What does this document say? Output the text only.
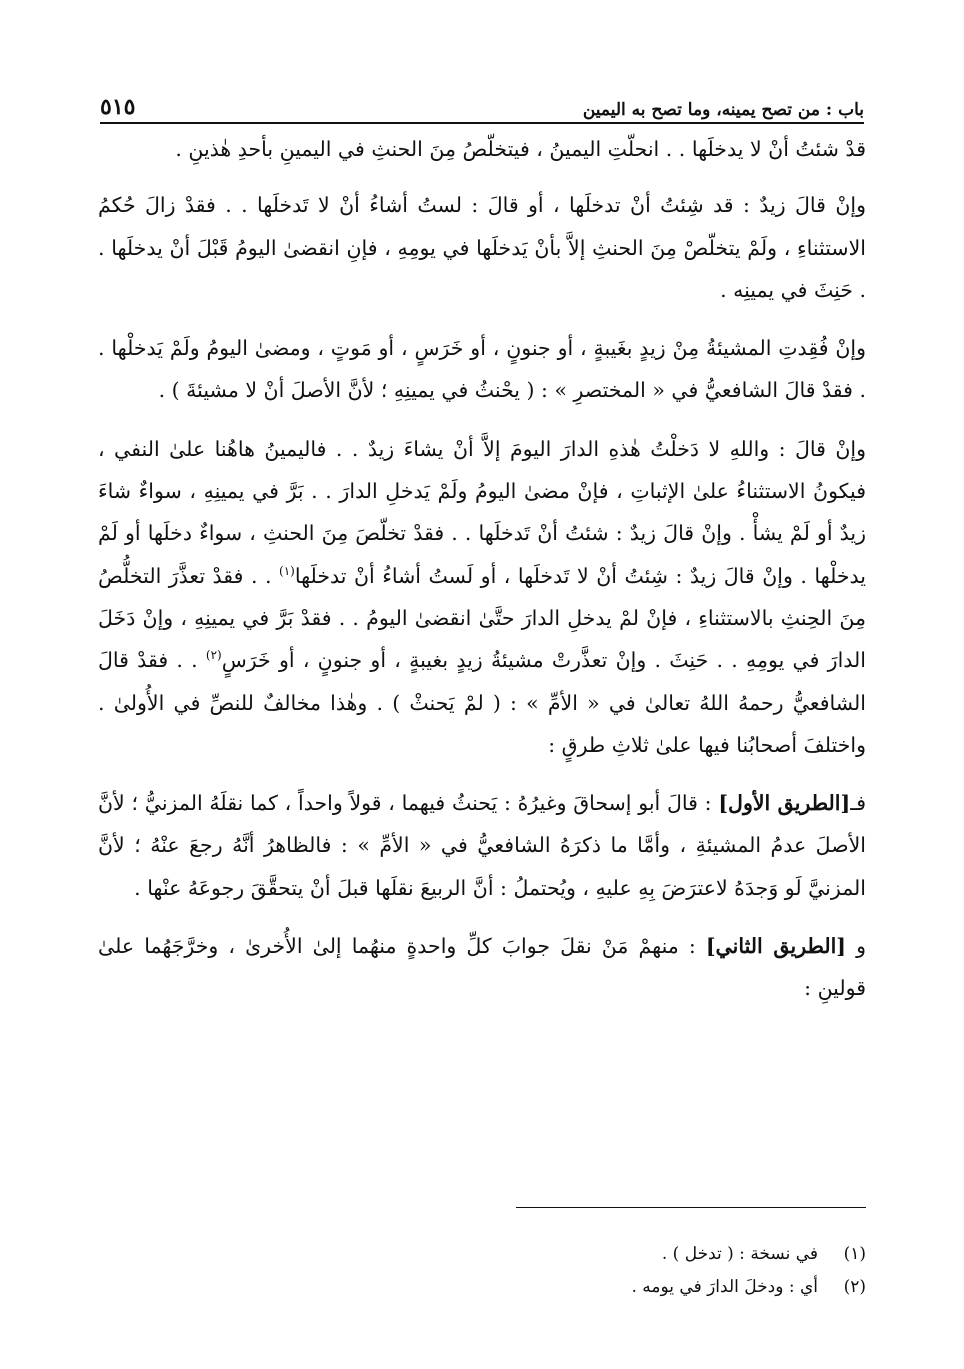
باب : من تصح يمينه، وما تصح به اليمين
٥١٥

قدْ شئتُ أنْ لا يدخلَها . . انحلّتِ اليمينُ ، فيتخلّصُ مِنَ الحنثِ في اليمينِ بأحدِ هٰذينِ .

وإنْ قالَ زيدٌ : قد شِئتُ أنْ تدخلَها ، أو قالَ : لستُ أشاءُ أنْ لا تَدخلَها . . فقدْ زالَ حُكمُ الاستثناءِ ، ولَمْ يتخلّصْ مِنَ الحنثِ إلاَّ بأنْ يَدخلَها في يومِهِ ، فإنِ انقضىٰ اليومُ قَبْلَ أنْ يدخلَها . . حَنِثَ في يمينِه .

وإنْ فُقِدتِ المشيئةُ مِنْ زيدٍ بغَيبةٍ ، أو جنونٍ ، أو خَرَسٍ ، أو مَوتٍ ، ومضىٰ اليومُ ولَمْ يَدخلْها . . فقدْ قالَ الشافعيُّ في « المختصرِ » : ( يحْنثُ في يمينِهِ ؛ لأنَّ الأصلَ أنْ لا مشيئةَ ) .

وإنْ قالَ : واللهِ لا دَخلْتُ هٰذهِ الدارَ اليومَ إلاَّ أنْ يشاءَ زيدٌ . . فاليمينُ هاهُنا علىٰ النفي ، فيكونُ الاستثناءُ علىٰ الإثباتِ ، فإنْ مضىٰ اليومُ ولَمْ يَدخلِ الدارَ . . بَرَّ في يمينِهِ ، سواءٌ شاءَ زيدٌ أو لَمْ يشأْ . وإنْ قالَ زيدٌ : شئتُ أنْ تَدخلَها . . فقدْ تخلّصَ مِنَ الحنثِ ، سواءٌ دخلَها أو لَمْ يدخلْها . وإنْ قالَ زيدٌ : شِئتُ أنْ لا تَدخلَها ، أو لَستُ أشاءُ أنْ تدخلَها$^{(١)}$ . . فقدْ تعذَّرَ التخلُّصُ مِنَ الحِنثِ بالاستثناءِ ، فإنْ لمْ يدخلِ الدارَ حتَّىٰ انقضىٰ اليومُ . . فقدْ بَرَّ في يمينِهِ ، وإنْ دَخَلَ الدارَ في يومِهِ . . حَنِثَ . وإنْ تعذَّرتْ مشيئةُ زيدٍ بغيبةٍ ، أو جنونٍ ، أو خَرَسٍ$^{(٢)}$ . . فقدْ قالَ الشافعيُّ رحمهُ اللهُ تعالىٰ في « الأمِّ » : ( لمْ يَحنثْ ) . وهٰذا مخالفٌ للنصِّ في الأُولىٰ . واختلفَ أصحابُنا فيها علىٰ ثلاثِ طرقٍ :

فـ[الطريق الأول] : قالَ أبو إسحاقَ وغيرُهُ : يَحنثُ فيهما ، قولاً واحداً ، كما نقلَهُ المزنيُّ ؛ لأنَّ الأصلَ عدمُ المشيئةِ ، وأمَّا ما ذكرَهُ الشافعيُّ في « الأمِّ » : فالظاهرُ أنَّهُ رجعَ عنْهُ ؛ لأنَّ المزنيَّ لَو وَجدَهُ لاعترَضَ بِهِ عليهِ ، ويُحتملُ : أنَّ الربيعَ نقلَها قبلَ أنْ يتحقَّقَ رجوعَهُ عنْها .

و [الطريق الثاني] : منهمْ مَنْ نقلَ جوابَ كلِّ واحدةٍ منهُما إلىٰ الأُخرىٰ ، وخرَّجَهُما علىٰ قولينِ :

(١)
في نسخة : ( تدخل ) .
(٢)
أي : ودخلَ الدارَ في يومه .
